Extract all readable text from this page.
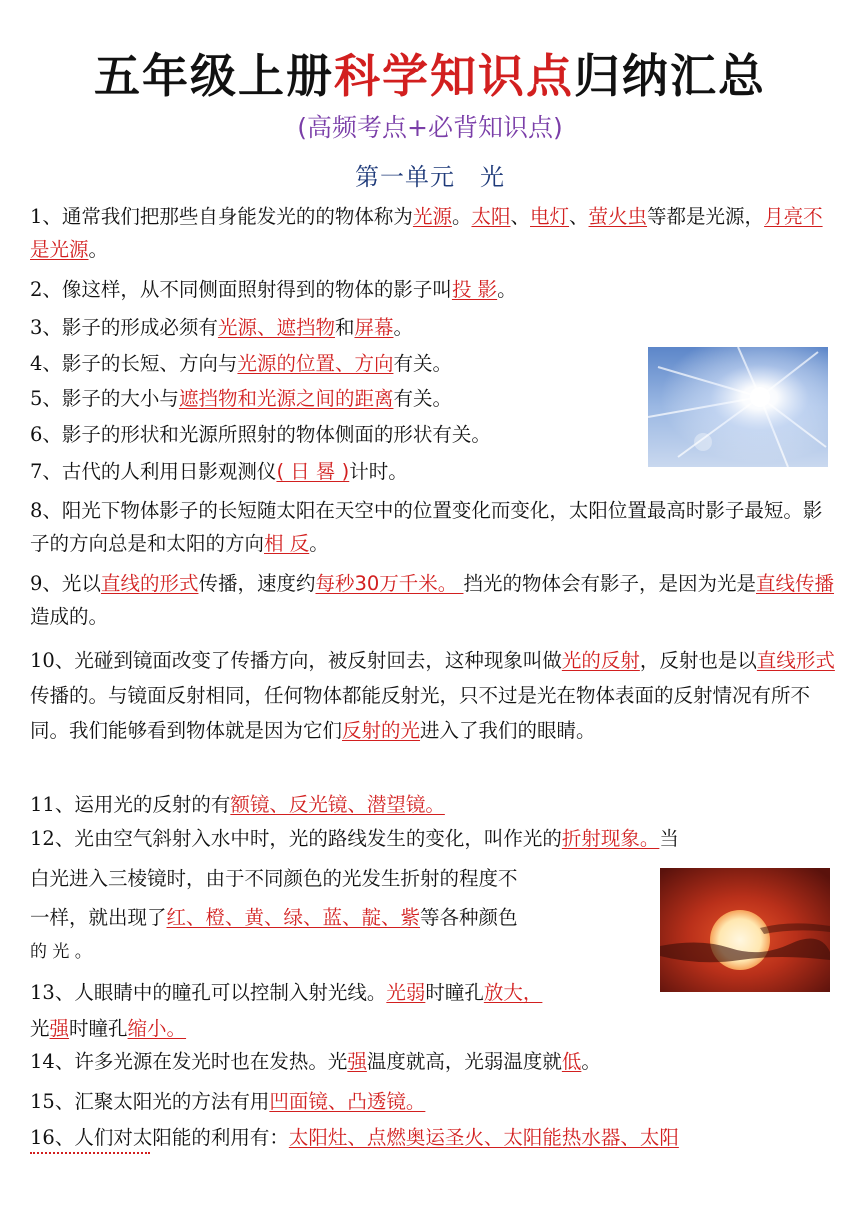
五年级上册科学知识点归纳汇总
(高频考点+必背知识点)
第一单元　光
1、通常我们把那些自身能发光的的物体称为光源。太阳、电灯、萤火虫等都是光源，月亮不是光源。
2、像这样，从不同侧面照射得到的物体的影子叫投 影。
3、影子的形成必须有光源、遮挡物和屏幕。
4、影子的长短、方向与光源的位置、方向有关。
5、影子的大小与遮挡物和光源之间的距离有关。
6、影子的形状和光源所照射的物体侧面的形状有关。
7、古代的人利用日影观测仪( 日 晷 )计时。
8、阳光下物体影子的长短随太阳在天空中的位置变化而变化，太阳位置最高时影子最短。影子的方向总是和太阳的方向相 反。
9、光以直线的形式传播，速度约每秒30万千米。 挡光的物体会有影子，是因为光是直线传播造成的。
10、光碰到镜面改变了传播方向，被反射回去，这种现象叫做光的反射，反射也是以直线形式传播的。与镜面反射相同，任何物体都能反射光，只不过是光在物体表面的反射情况有所不同。我们能够看到物体就是因为它们反射的光进入了我们的眼睛。
11、运用光的反射的有额镜、反光镜、潜望镜。
12、光由空气斜射入水中时，光的路线发生的变化，叫作光的折射现象。当
白光进入三棱镜时，由于不同颜色的光发生折射的程度不
一样，就出现了红、橙、黄、绿、蓝、靛、紫等各种颜色
的 光 。
13、人眼睛中的瞳孔可以控制入射光线。光弱时瞳孔放大，
光强时瞳孔缩小。
14、许多光源在发光时也在发热。光强温度就高，光弱温度就低。
15、汇聚太阳光的方法有用凹面镜、凸透镜。
16、人们对太阳能的利用有：太阳灶、点燃奥运圣火、太阳能热水器、太阳
